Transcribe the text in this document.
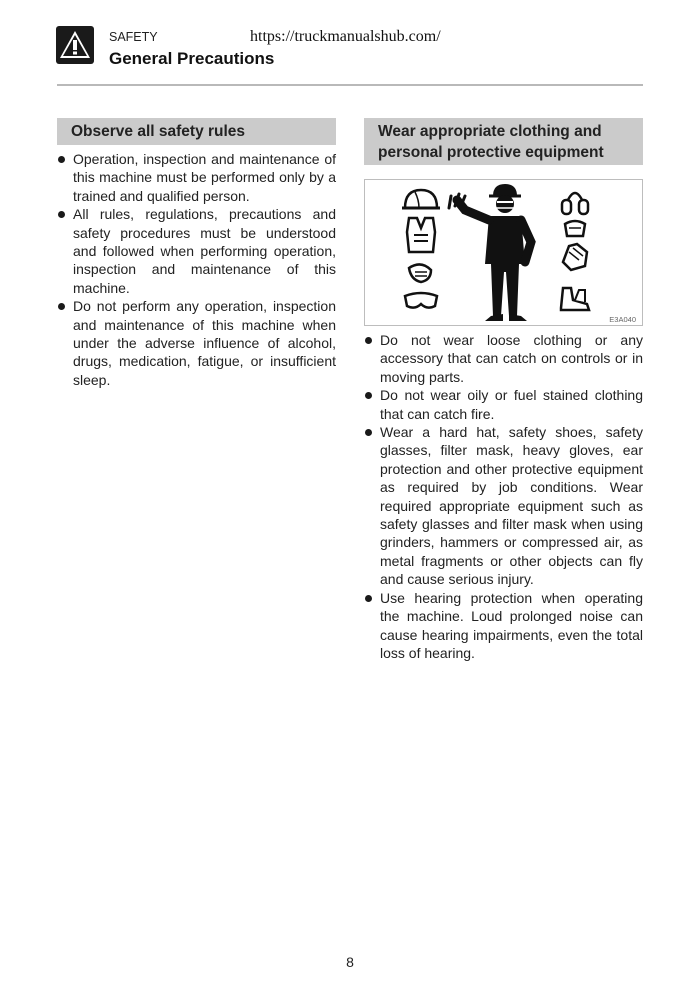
SAFETY	https://truckmanualshub.com/
General Precautions
Observe all safety rules
Operation, inspection and maintenance of this machine must be performed only by a trained and qualified person.
All rules, regulations, precautions and safety procedures must be understood and followed when performing operation, inspection and maintenance of this machine.
Do not perform any operation, inspection and maintenance of this machine when under the adverse influence of alcohol, drugs, medication, fatigue, or insufficient sleep.
Wear appropriate clothing and personal protective equipment
E3A040
Do not wear loose clothing or any accessory that can catch on controls or in moving parts.
Do not wear oily or fuel stained clothing that can catch fire.
Wear a hard hat, safety shoes, safety glasses, filter mask, heavy gloves, ear protection and other protective equipment as required by job conditions. Wear required appropriate equipment such as safety glasses and filter mask when using grinders, hammers or compressed air, as metal fragments or other objects can fly and cause serious injury.
Use hearing protection when operating the machine. Loud prolonged noise can cause hearing impairments, even the total loss of hearing.
8
